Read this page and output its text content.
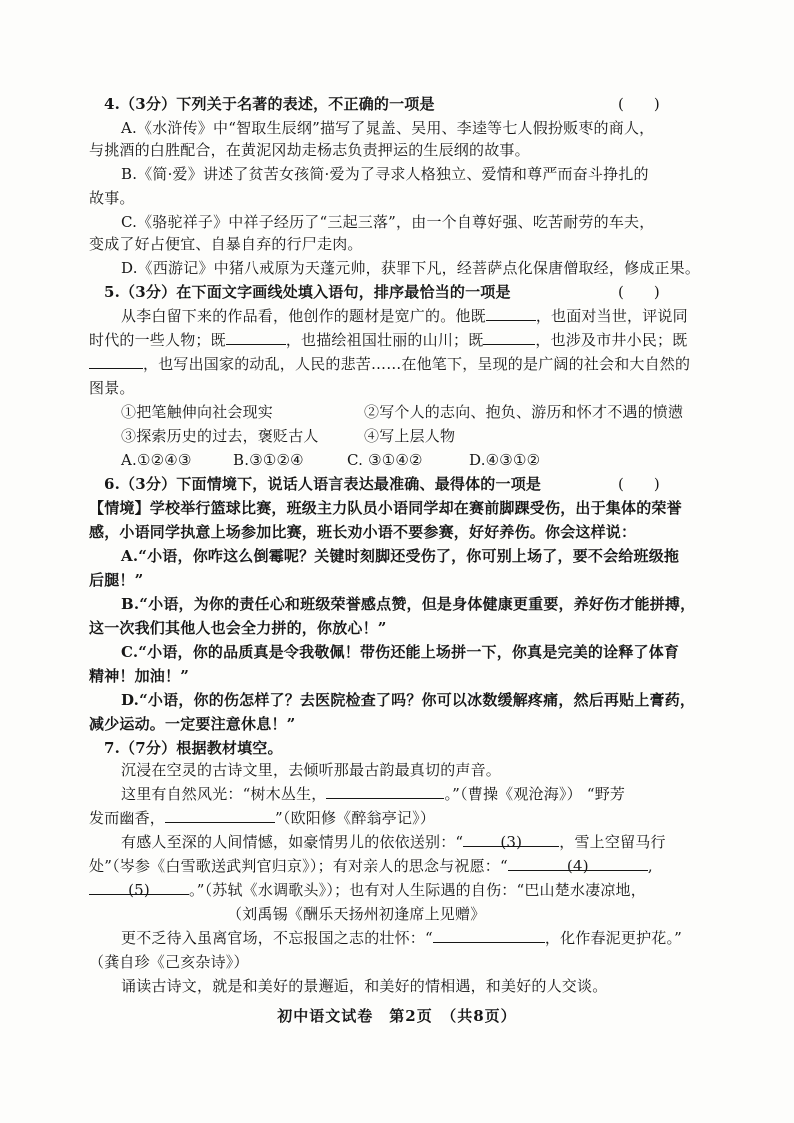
4.（3分）下列关于名著的表述，不正确的一项是	(　　)
A.《水浒传》中“智取生辰纲”描写了晁盖、吴用、李逵等七人假扮贩枣的商人，
与挑酒的白胜配合，在黄泥冈劫走杨志负责押运的生辰纲的故事。
B.《简·爱》讲述了贫苦女孩简·爱为了寻求人格独立、爱情和尊严而奋斗挣扎的
故事。
C.《骆驼祥子》中祥子经历了“三起三落”，由一个自尊好强、吃苦耐劳的车夫，
变成了好占便宜、自暴自弃的行尸走肉。
D.《西游记》中猪八戒原为天蓬元帅，获罪下凡，经菩萨点化保唐僧取经，修成正果。
5.（3分）在下面文字画线处填入语句，排序最恰当的一项是	(　　)
从李白留下来的作品看，他创作的题材是宽广的。他既	，也面对当世，评说同
时代的一些人物；既	，也描绘祖国壮丽的山川；既	，也涉及市井小民；既
，也写出国家的动乱，人民的悲苦……在他笔下，呈现的是广阔的社会和大自然的
图景。
①把笔触伸向社会现实	②写个人的志向、抱负、游历和怀才不遇的愤懑
③探索历史的过去，褒贬古人	④写上层人物
A.①②④③	B.③①②④	C. ③①④②	D.④③①②
6.（3分）下面情境下，说话人语言表达最准确、最得体的一项是	(　　)
【情境】学校举行篮球比赛，班级主力队员小语同学却在赛前脚踝受伤，出于集体的荣誉
感，小语同学执意上场参加比赛，班长劝小语不要参赛，好好养伤。你会这样说：
A.“小语，你咋这么倒霉呢？关键时刻脚还受伤了，你可别上场了，要不会给班级拖
后腿！”
B.“小语，为你的责任心和班级荣誉感点赞，但是身体健康更重要，养好伤才能拼搏，
这一次我们其他人也会全力拼的，你放心！”
C.“小语，你的品质真是令我敬佩！带伤还能上场拼一下，你真是完美的诠释了体育
精神！加油！”
D.“小语，你的伤怎样了？去医院检查了吗？你可以冰数缓解疼痛，然后再贴上膏药，
减少运动。一定要注意休息！”
7.（7分）根据教材填空。
沉浸在空灵的古诗文里，去倾听那最古韵最真切的声音。
这里有自然风光：“树木丛生，	。”（曹操《观沧海》） “野芳
发而幽香，	”（欧阳修《醉翁亭记》）
有感人至深的人间情憾，如豪情男儿的依依送别：“ (3) ，雪上空留马行
处”（岑参《白雪歌送武判官归京》）；有对亲人的思念与祝愿：“	(4)	,
(5)	。”（苏轼《水调歌头》）；也有对人生际遇的自伤：“巴山楚水凄凉地，
（刘禹锡《酬乐天扬州初逢席上见赠》
更不乏待入虽离官场，不忘报国之志的壮怀：“	，化作春泥更护花。”
（龚自珍《己亥杂诗》）
诵读古诗文，就是和美好的景邂逅，和美好的情相遇，和美好的人交谈。
初中语文试卷　第2页　（共8页）
